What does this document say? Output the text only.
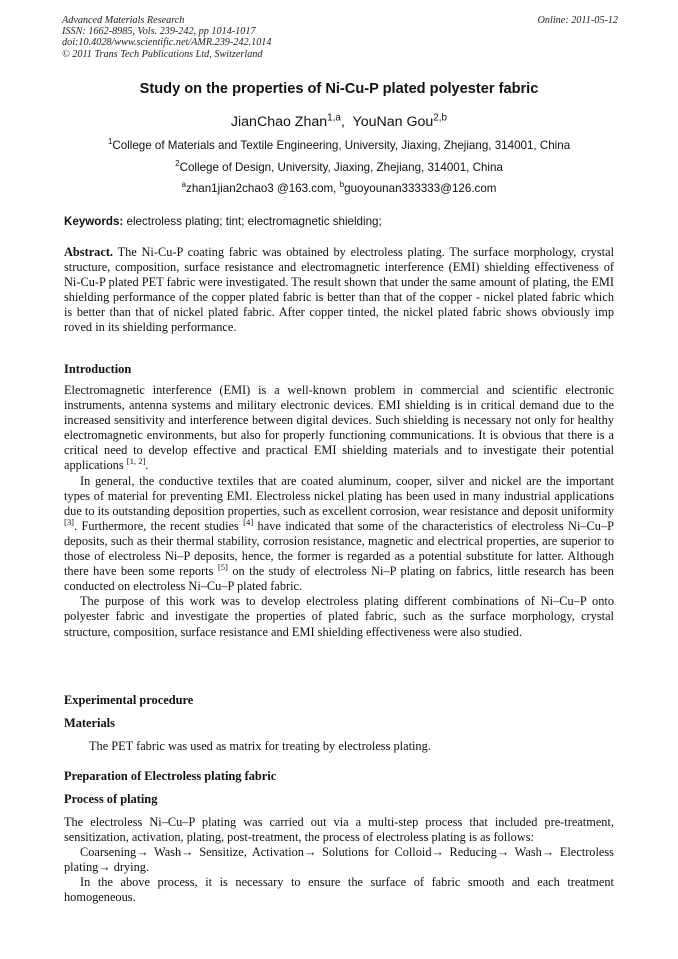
Advanced Materials Research
ISSN: 1662-8985, Vols. 239-242, pp 1014-1017
doi:10.4028/www.scientific.net/AMR.239-242.1014
© 2011 Trans Tech Publications Ltd, Switzerland
Online: 2011-05-12
Study on the properties of Ni-Cu-P plated polyester fabric
JianChao Zhan$^{1,a}$,  YouNan Gou$^{2,b}$
$^1$College of Materials and Textile Engineering, University, Jiaxing, Zhejiang, 314001, China
$^2$College of Design, University, Jiaxing, Zhejiang, 314001, China
$^a$zhan1jian2chao3 @163.com, $^b$guoyounan333333@126.com
Keywords: electroless plating; tint; electromagnetic shielding;

Abstract. The Ni-Cu-P coating fabric was obtained by electroless plating. The surface morphology, crystal structure, composition, surface resistance and electromagnetic interference (EMI) shielding effectiveness of Ni-Cu-P plated PET fabric were investigated. The result shown that under the same amount of plating, the EMI shielding performance of the copper plated fabric is better than that of the copper - nickel plated fabric which is better than that of nickel plated fabric. After copper tinted, the nickel plated fabric shows obviously imp roved in its shielding performance.

Introduction

Electromagnetic interference (EMI) is a well-known problem in commercial and scientific electronic instruments, antenna systems and military electronic devices. EMI shielding is in critical demand due to the increased sensitivity and interference between digital devices. Such shielding is necessary not only for healthy electromagnetic environments, but also for properly functioning communications. It is obvious that there is a critical need to develop effective and practical EMI shielding materials and to investigate their potential applications [1, 2].

In general, the conductive textiles that are coated aluminum, cooper, silver and nickel are the important types of material for preventing EMI. Electroless nickel plating has been used in many industrial applications due to its outstanding deposition properties, such as excellent corrosion, wear resistance and deposit uniformity [3]. Furthermore, the recent studies [4] have indicated that some of the characteristics of electroless Ni–Cu–P deposits, such as their thermal stability, corrosion resistance, magnetic and electrical properties, are superior to those of electroless Ni–P deposits, hence, the former is regarded as a potential substitute for latter. Although there have been some reports [5] on the study of electroless Ni–P plating on fabrics, little research has been conducted on electroless Ni–Cu–P plated fabric.

The purpose of this work was to develop electroless plating different combinations of Ni–Cu–P onto polyester fabric and investigate the properties of plated fabric, such as the surface morphology, crystal structure, composition, surface resistance and EMI shielding effectiveness were also studied.

Experimental procedure
Materials
The PET fabric was used as matrix for treating by electroless plating.
Preparation of Electroless plating fabric
Process of plating

The electroless Ni–Cu–P plating was carried out via a multi-step process that included pre-treatment, sensitization, activation, plating, post-treatment, the process of electroless plating is as follows:

Coarsening→ Wash→ Sensitize, Activation→ Solutions for Colloid→ Reducing→ Wash→ Electroless plating→ drying.

In the above process, it is necessary to ensure the surface of fabric smooth and each treatment homogeneous.
